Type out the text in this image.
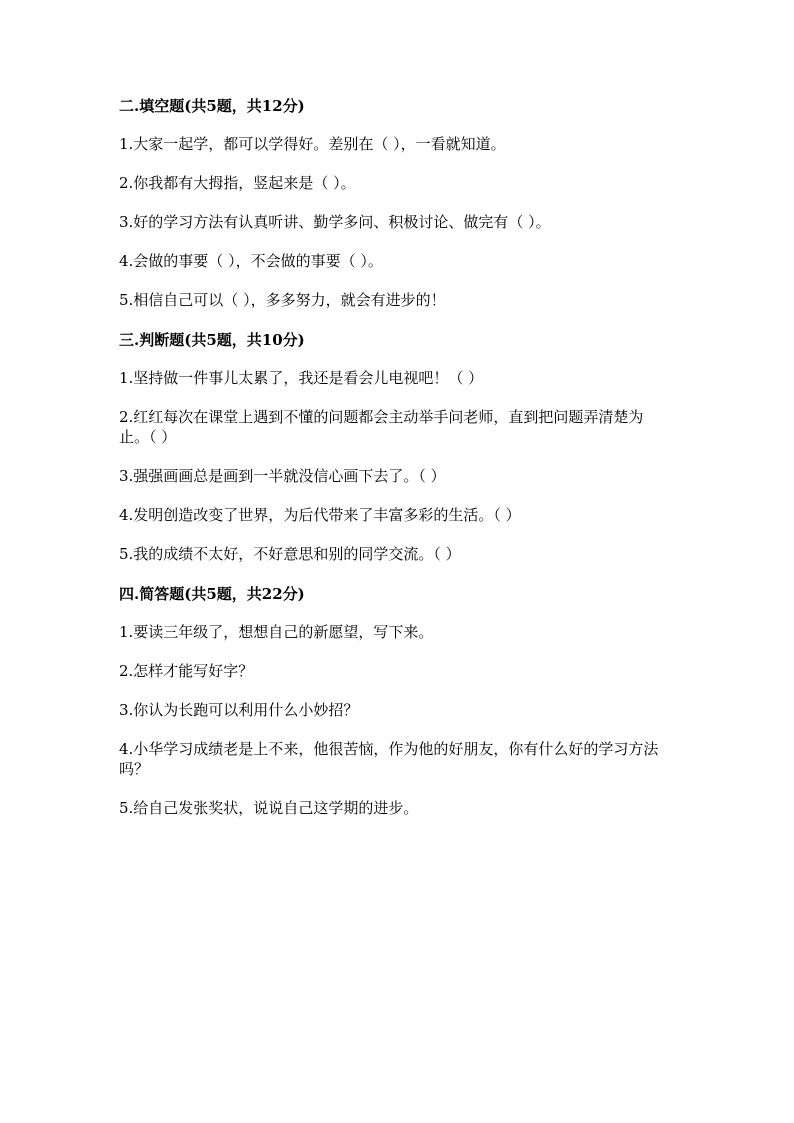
二.填空题(共5题，共12分)
1.大家一起学，都可以学得好。差别在（ ），一看就知道。
2.你我都有大拇指，竖起来是（ ）。
3.好的学习方法有认真听讲、勤学多问、积极讨论、做完有（ ）。
4.会做的事要（ ），不会做的事要（ ）。
5.相信自己可以（ ），多多努力，就会有进步的！
三.判断题(共5题，共10分)
1.坚持做一件事儿太累了，我还是看会儿电视吧！（ ）
2.红红每次在课堂上遇到不懂的问题都会主动举手问老师，直到把问题弄清楚为止。（ ）
3.强强画画总是画到一半就没信心画下去了。（ ）
4.发明创造改变了世界，为后代带来了丰富多彩的生活。（ ）
5.我的成绩不太好，不好意思和别的同学交流。（ ）
四.简答题(共5题，共22分)
1.要读三年级了，想想自己的新愿望，写下来。
2.怎样才能写好字？
3.你认为长跑可以利用什么小妙招？
4.小华学习成绩老是上不来，他很苦恼，作为他的好朋友，你有什么好的学习方法吗？
5.给自己发张奖状，说说自己这学期的进步。
